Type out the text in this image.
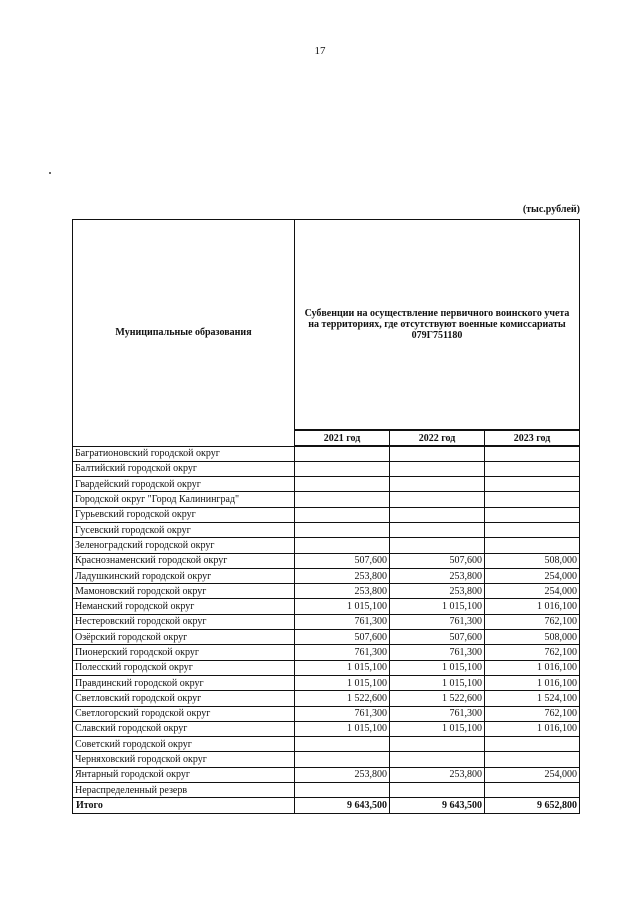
17
(тыс.рублей)
Муниципальные образования	Субвенции на осуществление первичного воинского учета на территориях, где отсутствуют военные комиссариаты 079Г751180		
	2021 год	2022 год	2023 год
Багратионовский городской округ			
Балтийский городской округ			
Гвардейский городской округ			
Городской округ "Город Калининград"			
Гурьевский городской округ			
Гусевский городской округ			
Зеленоградский городской округ			
Краснознаменский городской округ	507,600	507,600	508,000
Ладушкинский городской округ	253,800	253,800	254,000
Мамоновский городской округ	253,800	253,800	254,000
Неманский городской округ	1 015,100	1 015,100	1 016,100
Нестеровский городской округ	761,300	761,300	762,100
Озёрский городской округ	507,600	507,600	508,000
Пионерский городской округ	761,300	761,300	762,100
Полесский городской округ	1 015,100	1 015,100	1 016,100
Правдинский городской округ	1 015,100	1 015,100	1 016,100
Светловский городской округ	1 522,600	1 522,600	1 524,100
Светлогорский городской округ	761,300	761,300	762,100
Славский городской округ	1 015,100	1 015,100	1 016,100
Советский городской округ			
Черняховский городской округ			
Янтарный городской округ	253,800	253,800	254,000
Нераспределенный резерв			
Итого	9 643,500	9 643,500	9 652,800
